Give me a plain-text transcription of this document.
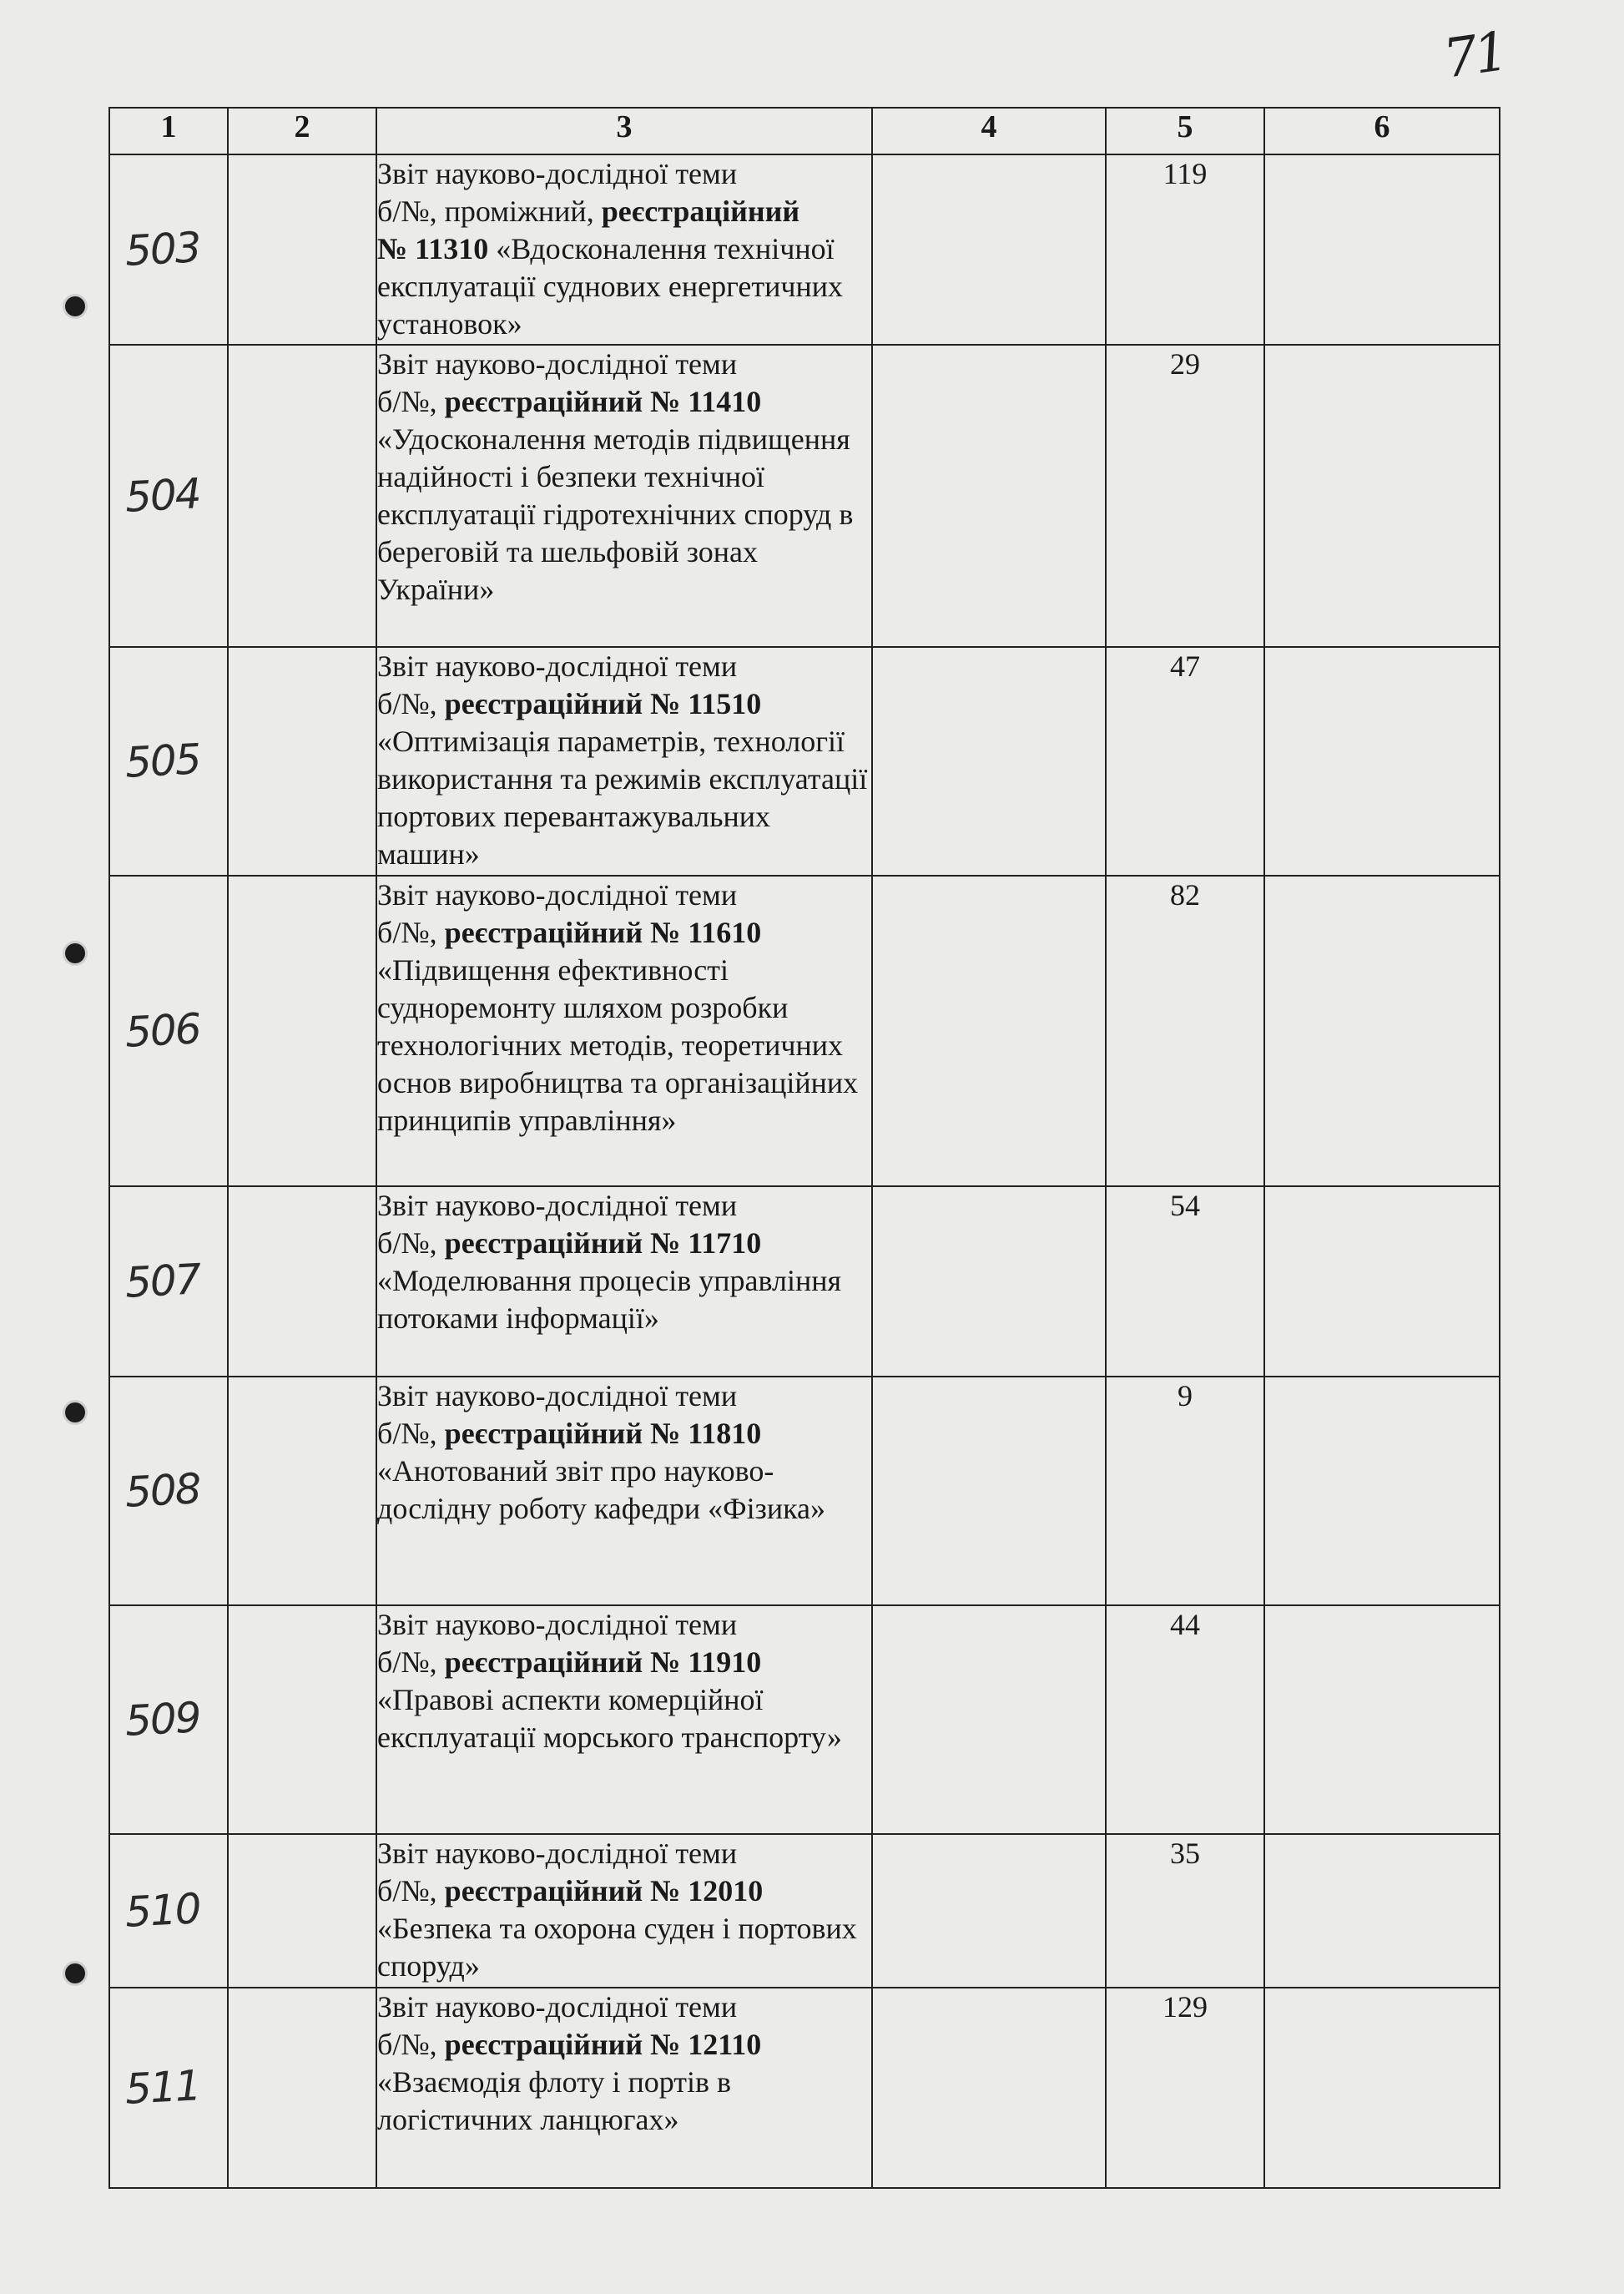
71
1	2	3	4	5	6

503		Звіт науково-дослідної теми
б/№, проміжний, реєстраційний
№ 11310 «Вдосконалення технічної експлуатації суднових енергетичних установок»		119	

504		Звіт науково-дослідної теми
б/№, реєстраційний № 11410 «Удосконалення методів підвищення надійності і безпеки технічної експлуатації гідротехнічних споруд в береговій та шельфовій зонах України»		29	

505		Звіт науково-дослідної теми
б/№, реєстраційний № 11510 «Оптимізація параметрів, технології використання та режимів експлуатації портових перевантажувальних машин»		47	

506		Звіт науково-дослідної теми
б/№, реєстраційний № 11610 «Підвищення ефективності судноремонту шляхом розробки технологічних методів, теоретичних основ виробництва та організаційних принципів управління»		82	

507		Звіт науково-дослідної теми
б/№, реєстраційний № 11710 «Моделювання процесів управління потоками інформації»		54	

508		Звіт науково-дослідної теми
б/№, реєстраційний № 11810 «Анотований звіт про науково-дослідну роботу кафедри «Фізика»		9	

509		Звіт науково-дослідної теми
б/№, реєстраційний № 11910 «Правові аспекти комерційної експлуатації морського транспорту»		44	

510		Звіт науково-дослідної теми
б/№, реєстраційний № 12010 «Безпека та охорона суден і портових споруд»		35	

511		Звіт науково-дослідної теми
б/№, реєстраційний № 12110 «Взаємодія флоту і портів в логістичних ланцюгах»		129	
